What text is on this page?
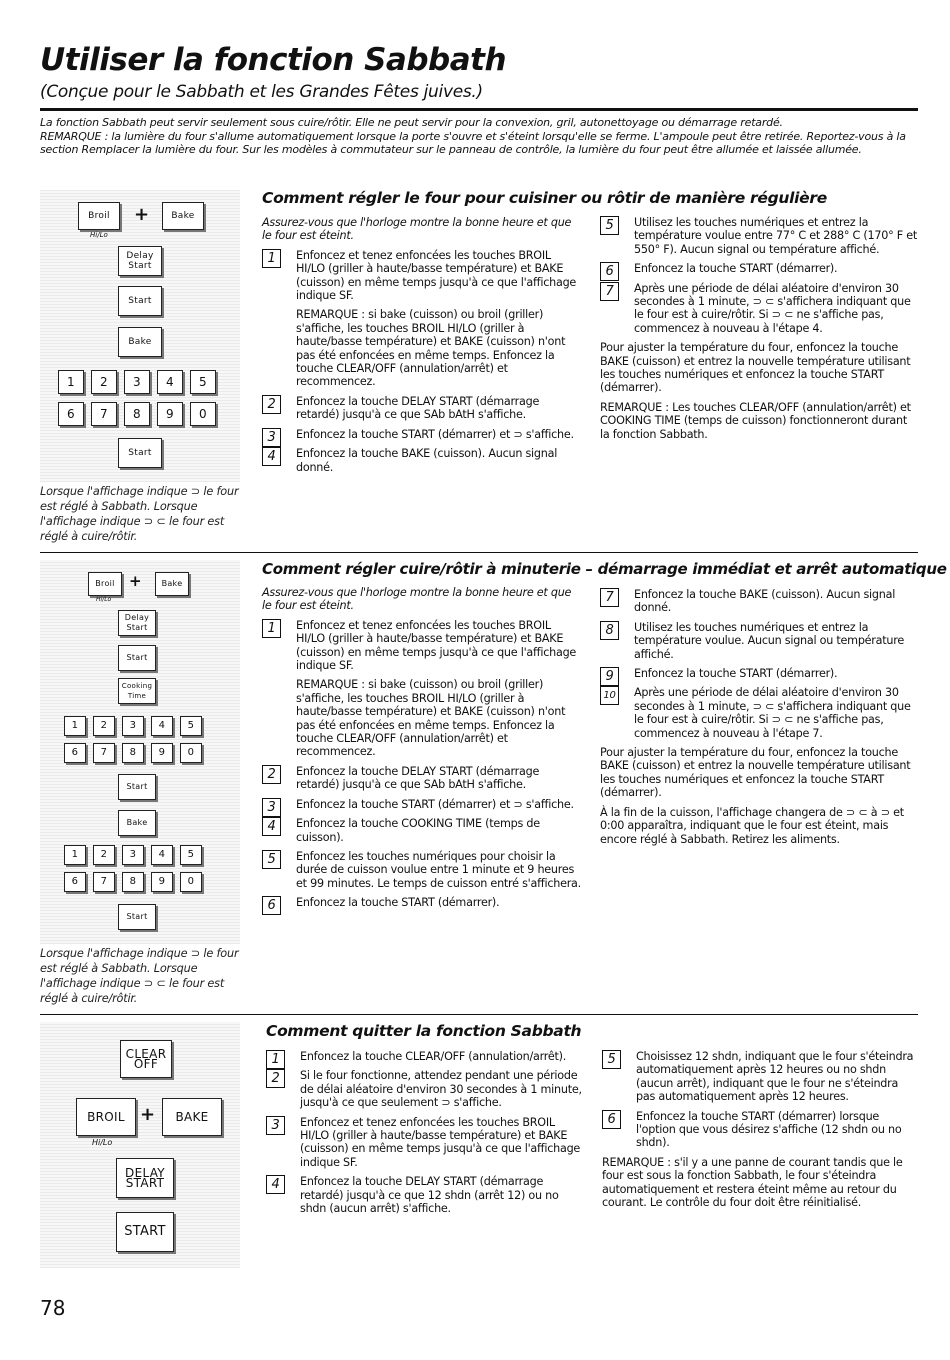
Utiliser la fonction Sabbath
(Conçue pour le Sabbath et les Grandes Fêtes juives.)
La fonction Sabbath peut servir seulement sous cuire/rôtir. Elle ne peut servir pour la convexion, gril, autonettoyage ou démarrage retardé.
REMARQUE : la lumière du four s'allume automatiquement lorsque la porte s'ouvre et s'éteint lorsqu'elle se ferme. L'ampoule peut être retirée. Reportez-vous à la section Remplacer la lumière du four. Sur les modèles à commutateur sur le panneau de contrôle, la lumière du four peut être allumée et laissée allumée.
Broil	+	Bake
Hi/Lo
Delay Start
Start
Bake
1	2	3	4	5
6	7	8	9	0
Start
Lorsque l'affichage indique ⊃ le four est réglé à Sabbath. Lorsque l'affichage indique ⊃ ⊂ le four est réglé à cuire/rôtir.
Comment régler le four pour cuisiner ou rôtir de manière régulière

Assurez-vous que l'horloge montre la bonne heure et que le four est éteint.

1	Enfoncez et tenez enfoncées les touches BROIL HI/LO (griller à haute/basse température) et BAKE (cuisson) en même temps jusqu'à ce que l'affichage indique SF.
REMARQUE : si bake (cuisson) ou broil (griller) s'affiche, les touches BROIL HI/LO (griller à haute/basse température) et BAKE (cuisson) n'ont pas été enfoncées en même temps. Enfoncez la touche CLEAR/OFF (annulation/arrêt) et recommencez.
2	Enfoncez la touche DELAY START (démarrage retardé) jusqu'à ce que SAb bAtH s'affiche.
3	Enfoncez la touche START (démarrer) et ⊃ s'affiche.
4	Enfoncez la touche BAKE (cuisson). Aucun signal donné.
5	Utilisez les touches numériques et entrez la température voulue entre 77° C et 288° C (170° F et 550° F). Aucun signal ou température affiché.
6	Enfoncez la touche START (démarrer).
7	Après une période de délai aléatoire d'environ 30 secondes à 1 minute, ⊃ ⊂ s'affichera indiquant que le four est à cuire/rôtir. Si ⊃ ⊂ ne s'affiche pas, commencez à nouveau à l'étape 4.

Pour ajuster la température du four, enfoncez la touche BAKE (cuisson) et entrez la nouvelle température utilisant les touches numériques et enfoncez la touche START (démarrer).

REMARQUE : Les touches CLEAR/OFF (annulation/arrêt) et COOKING TIME (temps de cuisson) fonctionneront durant la fonction Sabbath.

Broil +	Bake
Hi/Lo
Delay Start
Start
Cooking Time
1	2	3	4	5
6	7	8	9	0
Start
Bake
1	2	3	4	5
6	7	8	9	0
Start
Lorsque l'affichage indique ⊃ le four est réglé à Sabbath. Lorsque l'affichage indique ⊃ ⊂ le four est réglé à cuire/rôtir.
Comment régler cuire/rôtir à minuterie – démarrage immédiat et arrêt automatique

Assurez-vous que l'horloge montre la bonne heure et que le four est éteint.

1	Enfoncez et tenez enfoncées les touches BROIL HI/LO (griller à haute/basse température) et BAKE (cuisson) en même temps jusqu'à ce que l'affichage indique SF.
REMARQUE : si bake (cuisson) ou broil (griller) s'affiche, les touches BROIL HI/LO (griller à haute/basse température) et BAKE (cuisson) n'ont pas été enfoncées en même temps. Enfoncez la touche CLEAR/OFF (annulation/arrêt) et recommencez.
2	Enfoncez la touche DELAY START (démarrage retardé) jusqu'à ce que SAb bAtH s'affiche.
3	Enfoncez la touche START (démarrer) et ⊃ s'affiche.
4	Enfoncez la touche COOKING TIME (temps de cuisson).
5	Enfoncez les touches numériques pour choisir la durée de cuisson voulue entre 1 minute et 9 heures et 99 minutes. Le temps de cuisson entré s'affichera.
6	Enfoncez la touche START (démarrer).
7	Enfoncez la touche BAKE (cuisson). Aucun signal donné.
8	Utilisez les touches numériques et entrez la température voulue. Aucun signal ou température affiché.
9	Enfoncez la touche START (démarrer).
10	Après une période de délai aléatoire d'environ 30 secondes à 1 minute, ⊃ ⊂ s'affichera indiquant que le four est à cuire/rôtir. Si ⊃ ⊂ ne s'affiche pas, commencez à nouveau à l'étape 7.

Pour ajuster la température du four, enfoncez la touche BAKE (cuisson) et entrez la nouvelle température utilisant les touches numériques et enfoncez la touche START (démarrer).

À la fin de la cuisson, l'affichage changera de ⊃ ⊂ à ⊃ et 0:00 apparaîtra, indiquant que le four est éteint, mais encore réglé à Sabbath. Retirez les aliments.

CLEAR OFF
BROIL +	BAKE
Hi/Lo
DELAY START
START
Comment quitter la fonction Sabbath
1	Enfoncez la touche CLEAR/OFF (annulation/arrêt).
2	Si le four fonctionne, attendez pendant une période de délai aléatoire d'environ 30 secondes à 1 minute, jusqu'à ce que seulement ⊃ s'affiche.
3	Enfoncez et tenez enfoncées les touches BROIL HI/LO (griller à haute/basse température) et BAKE (cuisson) en même temps jusqu'à ce que l'affichage indique SF.
4	Enfoncez la touche DELAY START (démarrage retardé) jusqu'à ce que 12 shdn (arrêt 12) ou no shdn (aucun arrêt) s'affiche.
5	Choisissez 12 shdn, indiquant que le four s'éteindra automatiquement après 12 heures ou no shdn (aucun arrêt), indiquant que le four ne s'éteindra pas automatiquement après 12 heures.
6	Enfoncez la touche START (démarrer) lorsque l'option que vous désirez s'affiche (12 shdn ou no shdn).

REMARQUE : s'il y a une panne de courant tandis que le four est sous la fonction Sabbath, le four s'éteindra automatiquement et restera éteint même au retour du courant. Le contrôle du four doit être réinitialisé.

78
